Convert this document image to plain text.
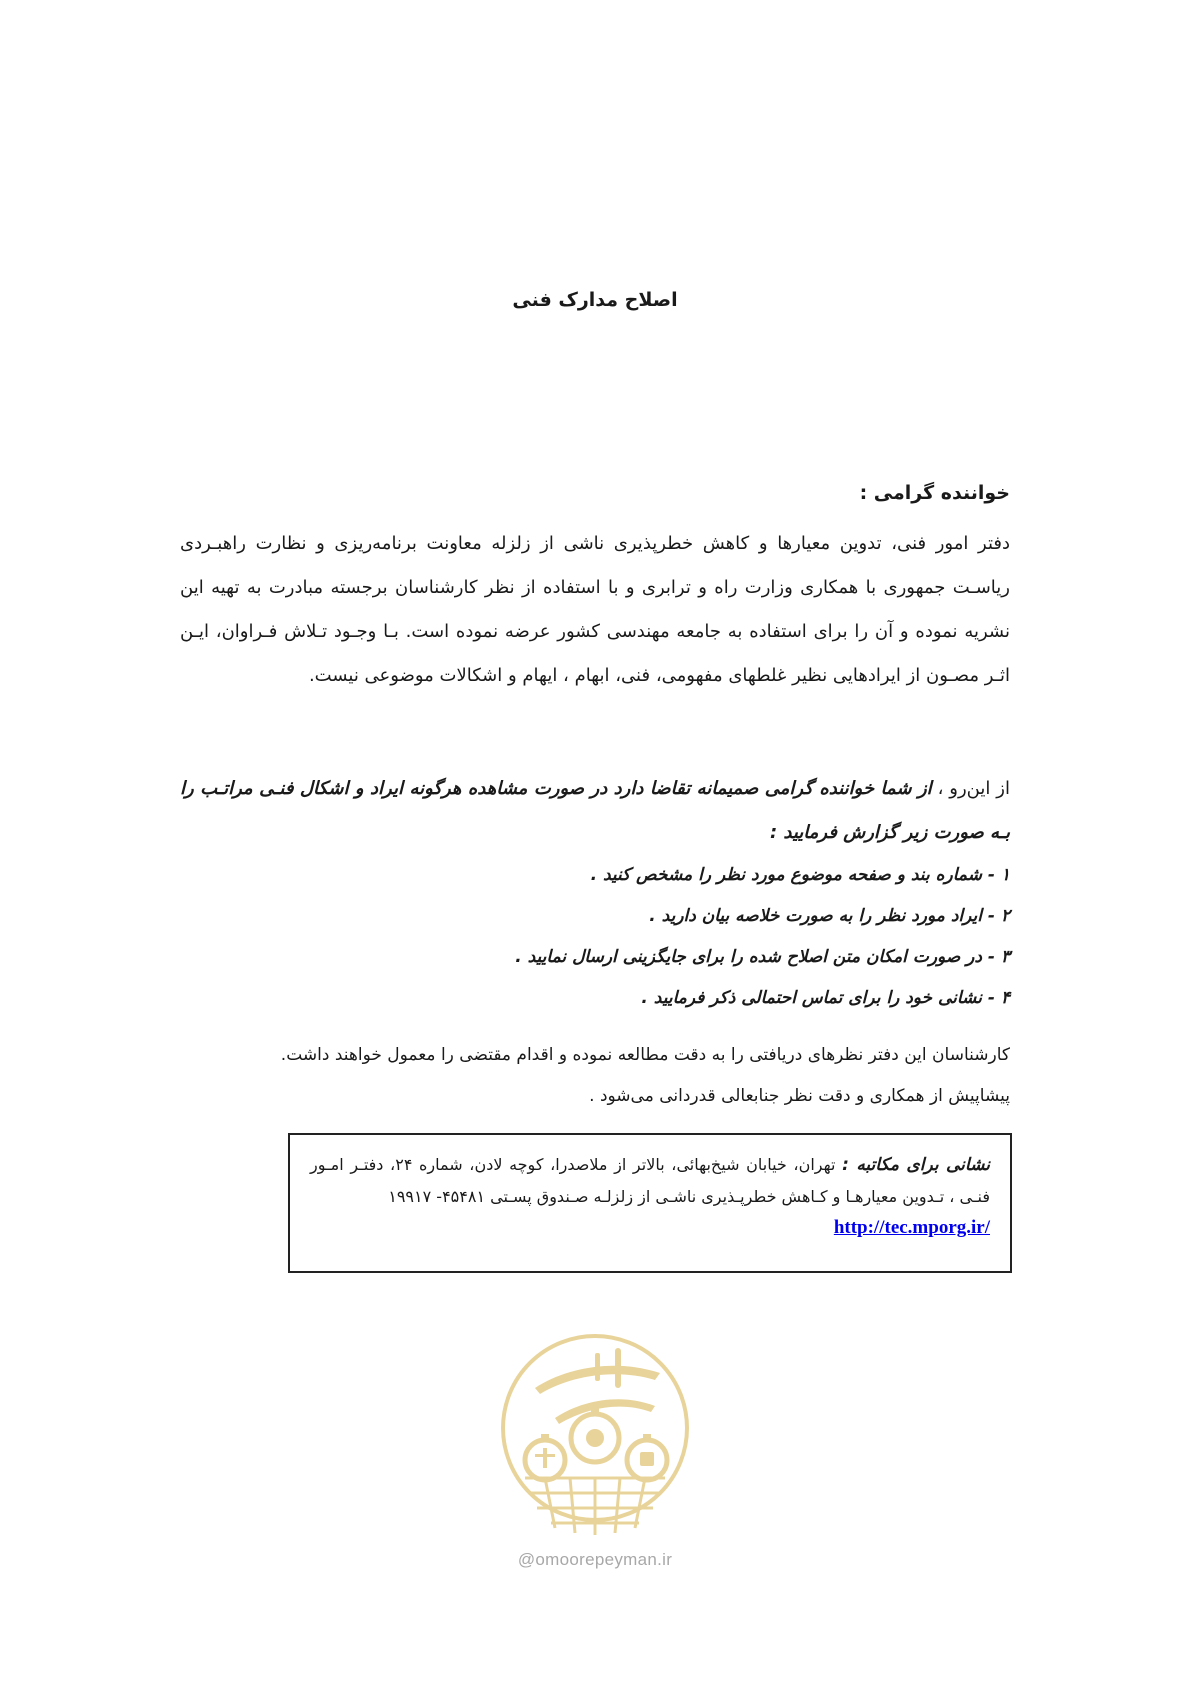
اصلاح مدارک فنی
خواننده گرامی :
دفتر امور فنی، تدوین معیارها و کاهش خطرپذیری ناشی از زلزله معاونت برنامه‌ریزی و نظارت راهبـردی ریاسـت جمهوری با همکاری وزارت راه و ترابری و با استفاده از نظر کارشناسان برجسته مبادرت به تهیه این نشریه نموده و آن را برای استفاده به جامعه مهندسی کشور عرضه نموده است. بـا وجـود تـلاش فـراوان، ایـن اثـر مصـون از ایرادهایی نظیر غلطهای مفهومی، فنی، ابهام ، ایهام و اشکالات موضوعی نیست.
از این‌رو ، از شما خواننده گرامی صمیمانه تقاضا دارد در صورت مشاهده هرگونه ایراد و اشکال فنـی مراتـب را بـه صورت زیر گزارش فرمایید :
۱ - شماره بند و صفحه موضوع مورد نظر را مشخص کنید .
۲ - ایراد مورد نظر را به صورت خلاصه بیان دارید .
۳ - در صورت امکان متن اصلاح شده را برای جایگزینی ارسال نمایید .
۴ - نشانی خود را برای تماس احتمالی ذکر فرمایید .
کارشناسان این دفتر نظرهای دریافتی را به دقت مطالعه نموده و اقدام مقتضی را معمول خواهند داشت.
پیشاپیش از همکاری و دقت نظر جنابعالی قدردانی می‌شود .
نشانی برای مکاتبه : تهران، خیابان شیخ‌بهائی، بالاتر از ملاصدرا، کوچه لادن، شماره ۲۴، دفتـر امـور فنـی ، تـدوین معیارهـا و کـاهش خطرپـذیری ناشـی از زلزلـه صـندوق پسـتی ۴۵۴۸۱- ۱۹۹۱۷
http://tec.mporg.ir/
@omoorepeyman.ir
